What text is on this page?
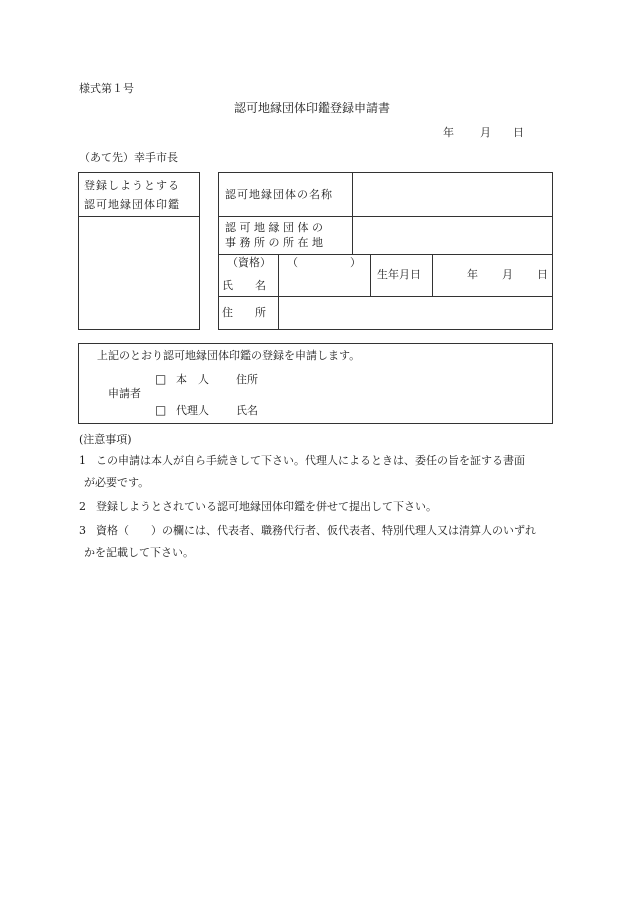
様式第１号
認可地縁団体印鑑登録申請書
年 月 日
（あて先）幸手市長
登録しようとする
認可地縁団体印鑑
認可地縁団体の名称
認 可 地 縁 団 体 の
事 務 所 の 所 在 地
（資格） （	）
氏　　名
生年月日	年 月 日
住　　所
上記のとおり認可地縁団体印鑑の登録を申請します。
申請者
□ 本　人 住所
□ 代理人 氏名
(注意事項)
1 この申請は本人が自ら手続きして下さい。代理人によるときは、委任の旨を証する書面
が必要です。
2 登録しようとされている認可地縁団体印鑑を併せて提出して下さい。
3 資格（　　）の欄には、代表者、職務代行者、仮代表者、特別代理人又は清算人のいずれ
かを記載して下さい。
